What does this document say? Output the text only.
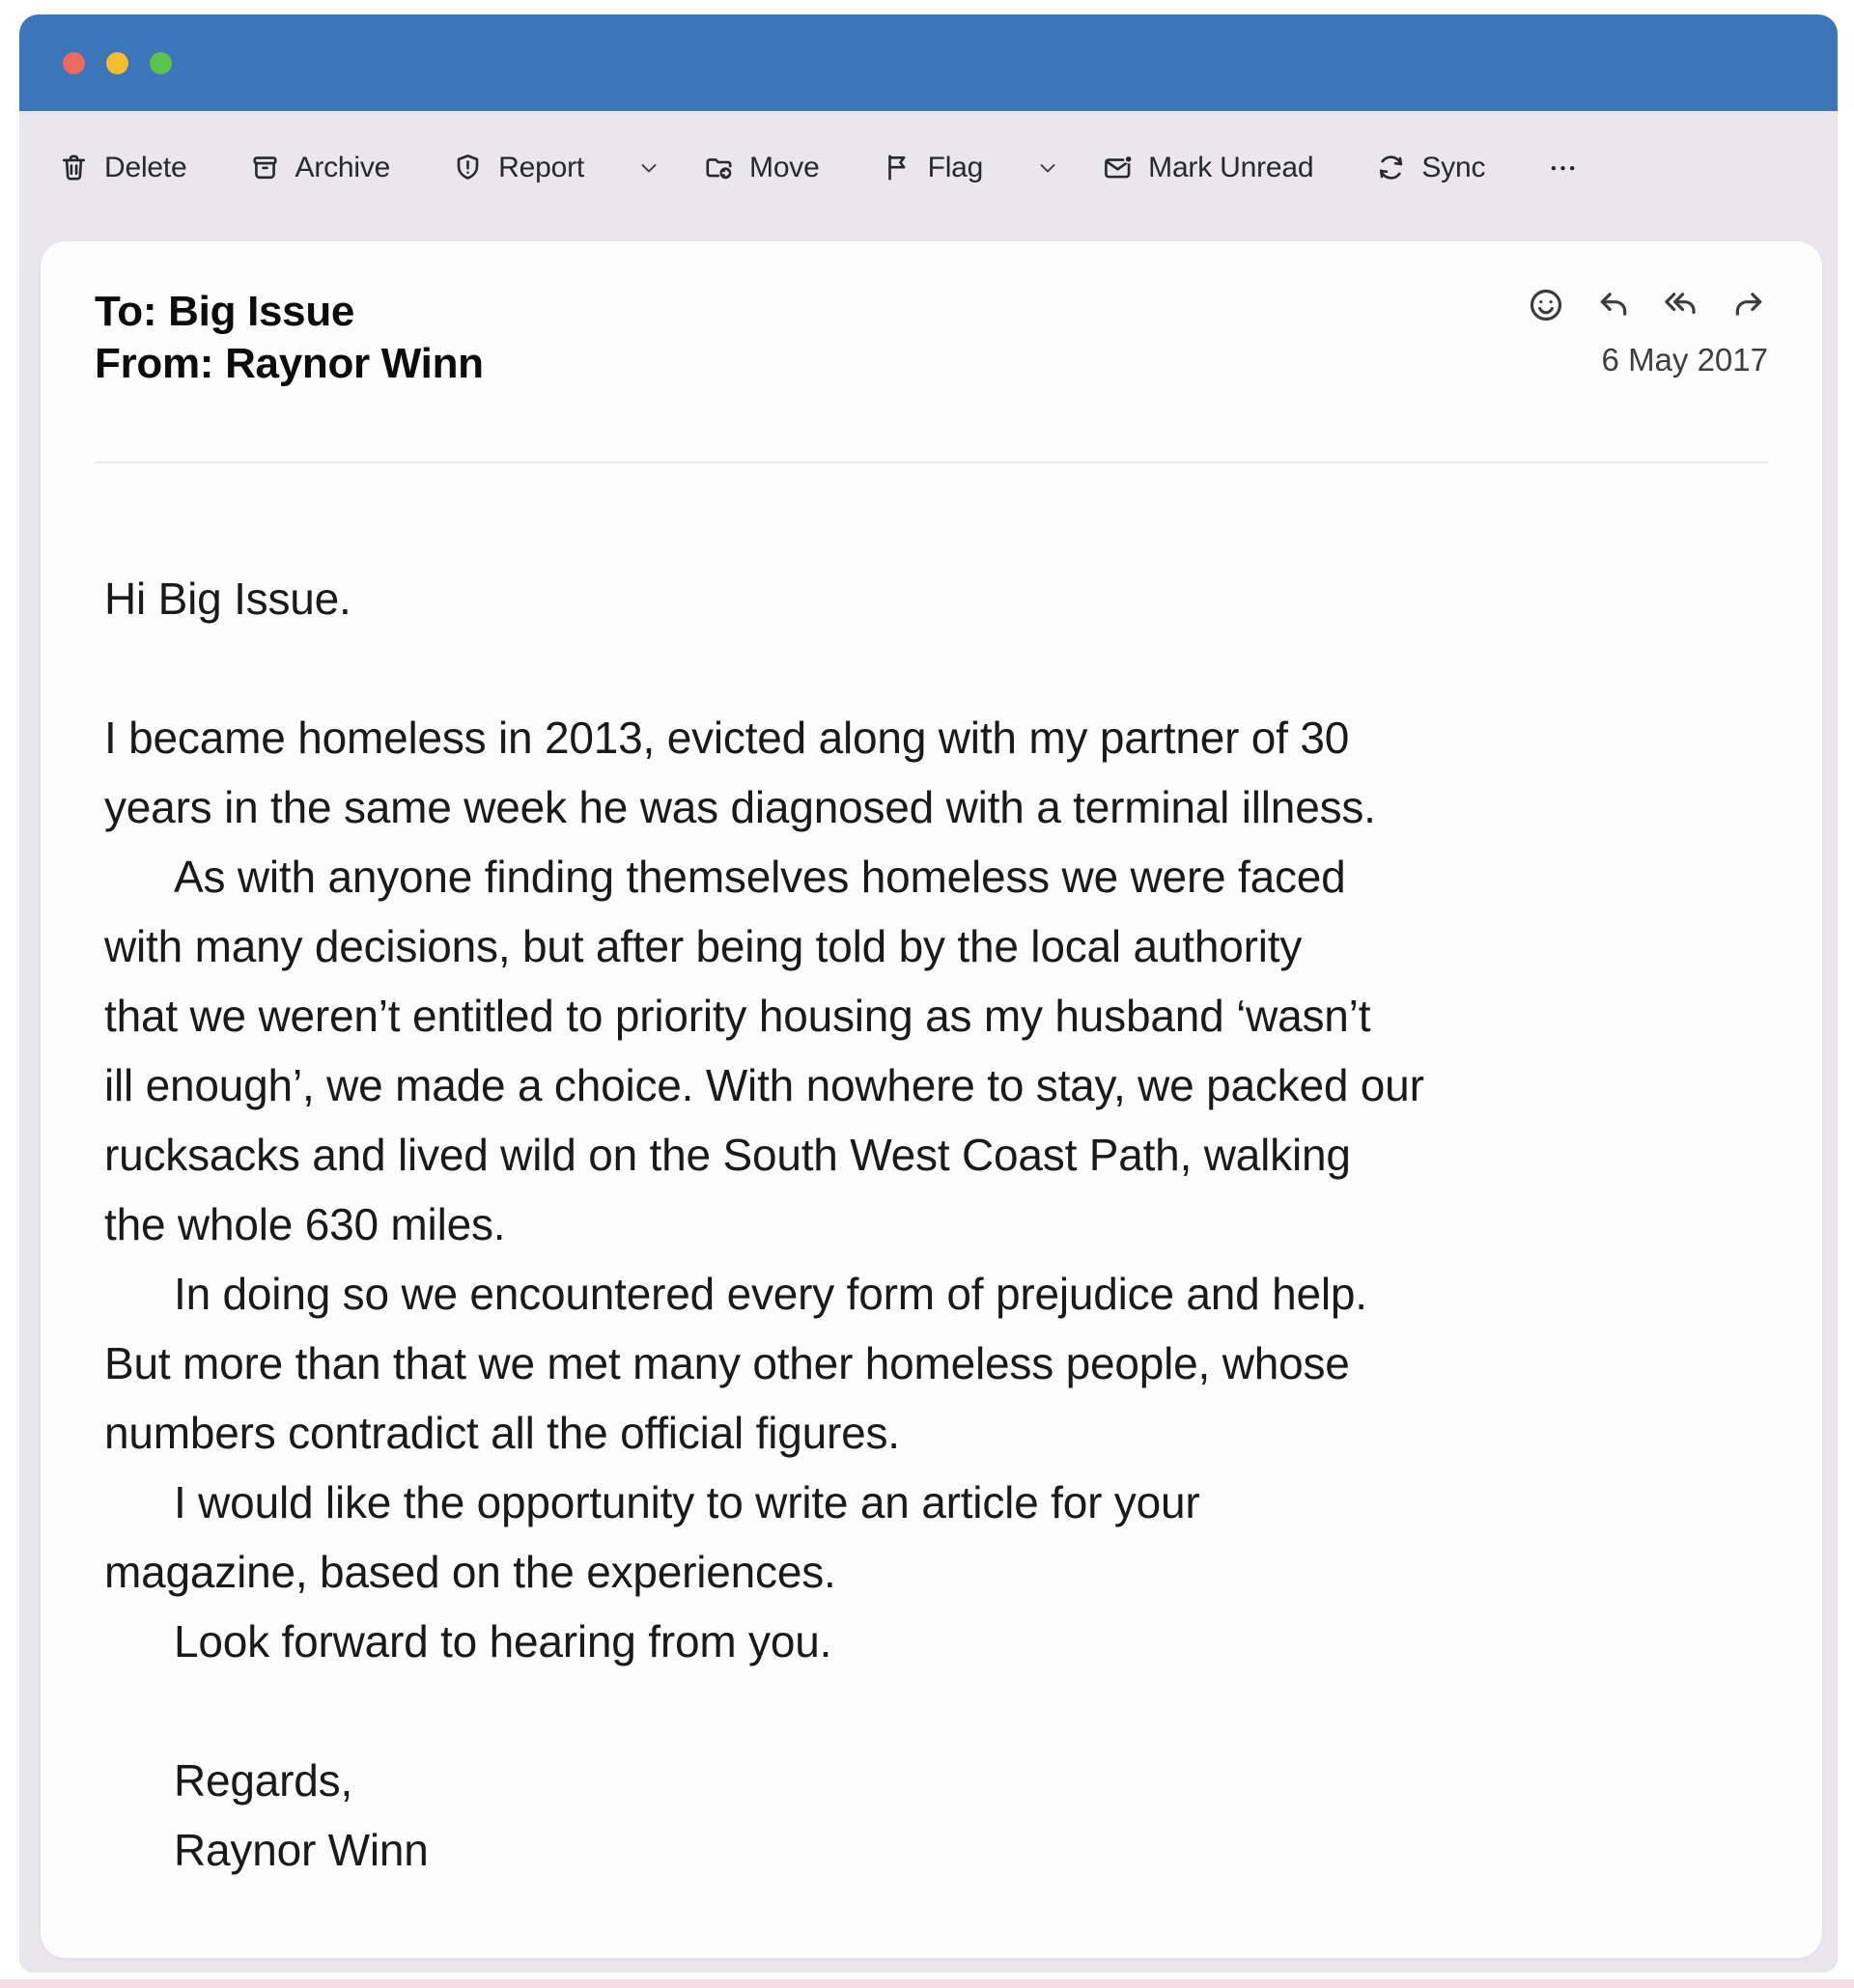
Delete	Archive	Report	Move	Flag	Mark Unread	Sync
To: Big Issue
From: Raynor Winn	6 May 2017
Hi Big Issue.
I became homeless in 2013, evicted along with my partner of 30
years in the same week he was diagnosed with a terminal illness.
As with anyone finding themselves homeless we were faced
with many decisions, but after being told by the local authority
that we weren’t entitled to priority housing as my husband ‘wasn’t
ill enough’, we made a choice. With nowhere to stay, we packed our
rucksacks and lived wild on the South West Coast Path, walking
the whole 630 miles.
In doing so we encountered every form of prejudice and help.
But more than that we met many other homeless people, whose
numbers contradict all the official figures.
I would like the opportunity to write an article for your
magazine, based on the experiences.
Look forward to hearing from you.
Regards,
Raynor Winn
